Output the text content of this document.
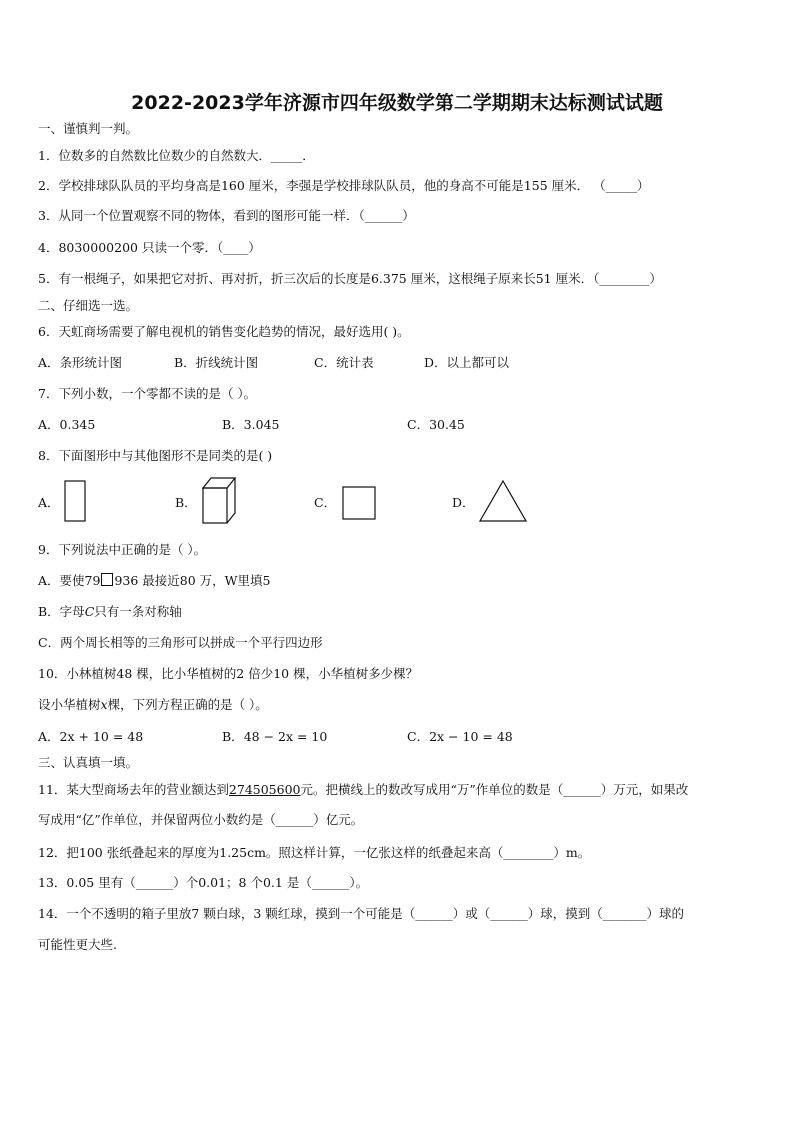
2022-2023学年济源市四年级数学第二学期期末达标测试试题
一、谨慎判一判。
1．位数多的自然数比位数少的自然数大．_____．
2．学校排球队队员的平均身高是160 厘米，李强是学校排球队队员，他的身高不可能是155 厘米． （_____）
3．从同一个位置观察不同的物体，看到的图形可能一样．（______）
4．8030000200 只读一个零．（____）
5．有一根绳子，如果把它对折、再对折，折三次后的长度是6.375 厘米，这根绳子原来长51 厘米．（________）
二、仔细选一选。
6．天虹商场需要了解电视机的销售变化趋势的情况，最好选用( )。
A．条形统计图	B．折线统计图	C．统计表	D．以上都可以
7．下列小数，一个零都不读的是（ ）。
A．0.345	B．3.045	C．30.45
8．下面图形中与其他图形不是同类的是( )
A．	B．	C．	D．
9．下列说法中正确的是（ ）。
A．要使79 936 最接近80 万，W里填5
B．字母C只有一条对称轴
C．两个周长相等的三角形可以拼成一个平行四边形
10．小林植树48 棵，比小华植树的2 倍少10 棵，小华植树多少棵？
设小华植树x棵，下列方程正确的是（ ）。
A．2x + 10 = 48	B．48 − 2x = 10	C．2x − 10 = 48
三、认真填一填。
11．某大型商场去年的营业额达到274505600元。把横线上的数改写成用“万”作单位的数是（______）万元，如果改
写成用“亿”作单位，并保留两位小数约是（______）亿元。
12．把100 张纸叠起来的厚度为1.25cm。照这样计算，一亿张这样的纸叠起来高（________）m。
13．0.05 里有（______）个0.01；8 个0.1 是（______）。
14．一个不透明的箱子里放7 颗白球，3 颗红球，摸到一个可能是（______）或（______）球，摸到（_______）球的
可能性更大些.
